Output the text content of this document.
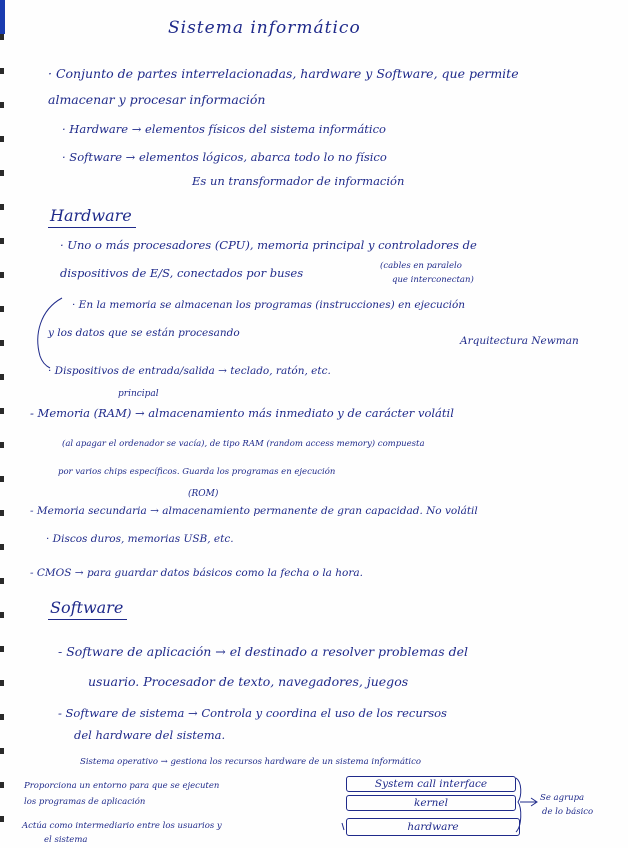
Sistema informático
· Conjunto de partes interrelacionadas, hardware y Software, que permite
almacenar y procesar información
· Hardware → elementos físicos del sistema informático
· Software → elementos lógicos, abarca todo lo no físico
Es un transformador de información
Hardware
· Uno o más procesadores (CPU), memoria principal y controladores de
dispositivos de E/S, conectados por buses	(cables en paralelo
que interconectan)
· En la memoria se almacenan los programas (instrucciones) en ejecución
y los datos que se están procesando
Arquitectura Newman
· Dispositivos de entrada/salida → teclado, ratón, etc.
principal
- Memoria (RAM) → almacenamiento más inmediato y de carácter volátil
(al apagar el ordenador se vacía), de tipo RAM (random access memory) compuesta
por varios chips específicos. Guarda los programas en ejecución
(ROM)
- Memoria secundaria → almacenamiento permanente de gran capacidad. No volátil
· Discos duros, memorias USB, etc.
- CMOS → para guardar datos básicos como la fecha o la hora.
Software
- Software de aplicación → el destinado a resolver problemas del
usuario. Procesador de texto, navegadores, juegos
- Software de sistema → Controla y coordina el uso de los recursos
del hardware del sistema.
Sistema operativo → gestiona los recursos hardware de un sistema informático
Proporciona un entorno para que se ejecuten
los programas de aplicación
Actúa como intermediario entre los usuarios y
el sistema
System call interface
kernel
hardware
Se agrupa
de lo básico
